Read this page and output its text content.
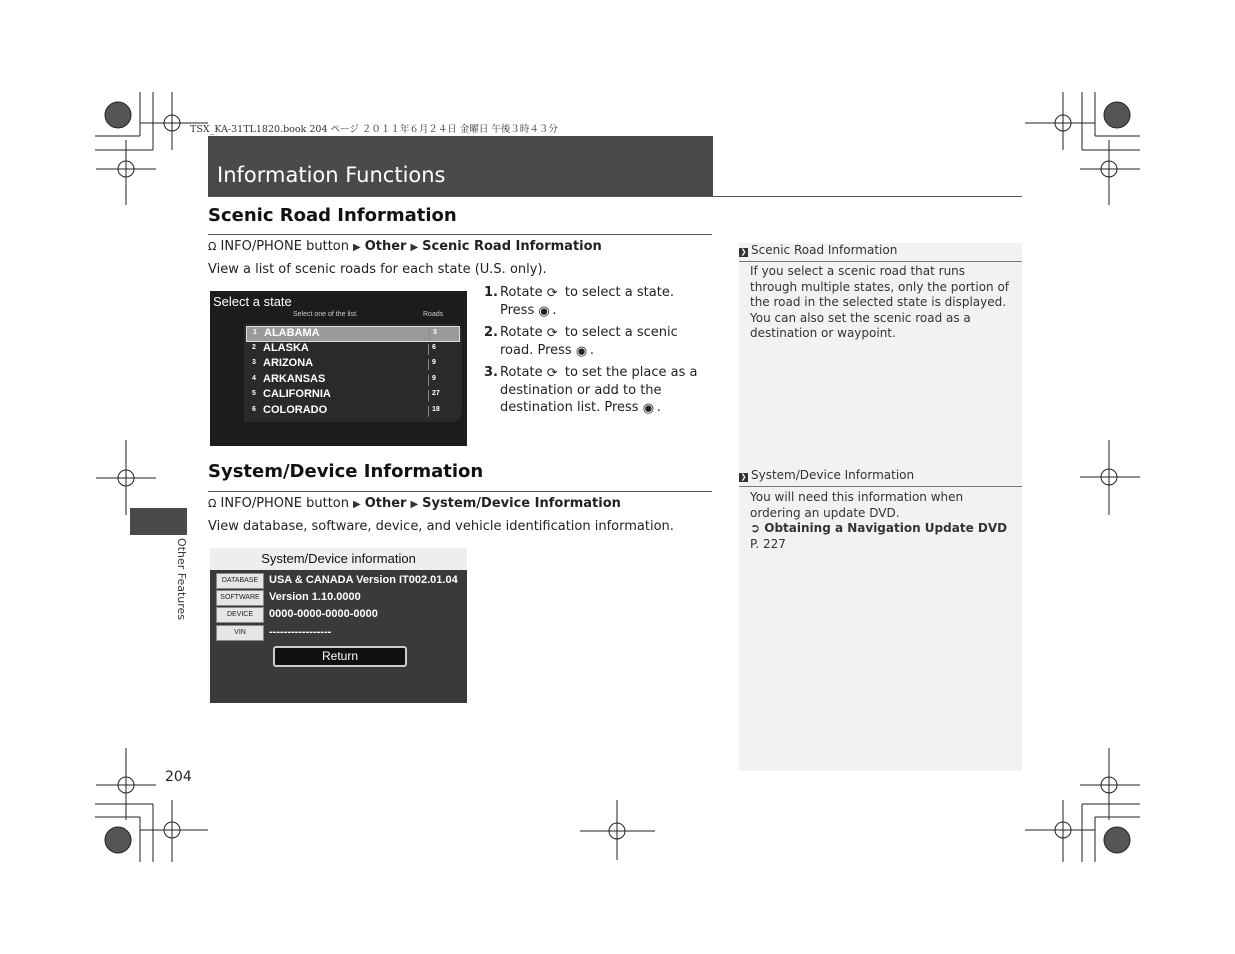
TSX_KA-31TL1820.book 204 ページ ２０１１年６月２４日 金曜日 午後３時４３分
Information Functions
Scenic Road Information
Ω INFO/PHONE button ▶ Other ▶ Scenic Road Information
View a list of scenic roads for each state (U.S. only).
Select a state
Select one of the list.	Roads
1 ALABAMA	3
2 ALASKA	6
3 ARIZONA	9
4 ARKANSAS	9
5 CALIFORNIA	27
6 COLORADO	18
1. Rotate ⟳ to select a state. Press ◉ .
2. Rotate ⟳ to select a scenic road. Press ◉ .
3. Rotate ⟳ to set the place as a destination or add to the destination list. Press ◉ .
System/Device Information
Ω INFO/PHONE button ▶ Other ▶ System/Device Information
View database, software, device, and vehicle identification information.
System/Device information
DATABASE USA & CANADA Version IT002.01.04
SOFTWARE Version 1.10.0000
DEVICE	0000-0000-0000-0000
VIN	-----------------
Return
❯ Scenic Road Information
If you select a scenic road that runs through multiple states, only the portion of the road in the selected state is displayed. You can also set the scenic road as a destination or waypoint.
❯ System/Device Information
You will need this information when ordering an update DVD.
➲ Obtaining a Navigation Update DVD
P. 227
Other Features
204
